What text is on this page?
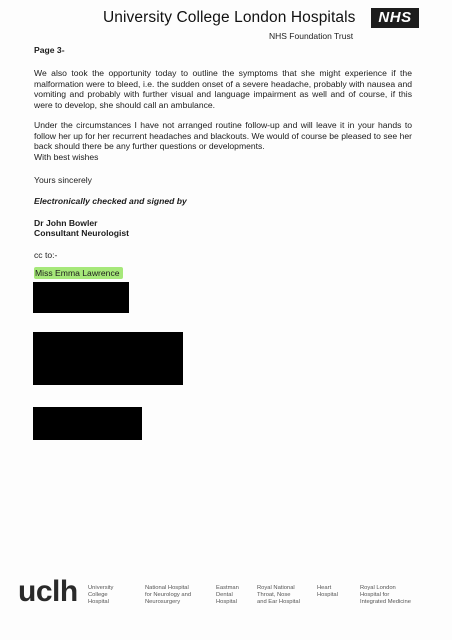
University College London Hospitals	NHS
NHS Foundation Trust
Page 3-
We also took the opportunity today to outline the symptoms that she might experience if the malformation were to bleed, i.e. the sudden onset of a severe headache, probably with nausea and vomiting and probably with further visual and language impairment as well and of course, if this were to develop, she should call an ambulance.
Under the circumstances I have not arranged routine follow-up and will leave it in your hands to follow her up for her recurrent headaches and blackouts. We would of course be pleased to see her back should there be any further questions or developments.
With best wishes
Yours sincerely
Electronically checked and signed by
Dr John Bowler
Consultant Neurologist
cc to:-
Miss Emma Lawrence
uclh University
College
Hospital
National Hospital
for Neurology and
Neurosurgery
Eastman
Dental
Hospital
Royal National
Throat, Nose
and Ear Hospital
Heart
Hospital
Royal London
Hospital for
Integrated Medicine
